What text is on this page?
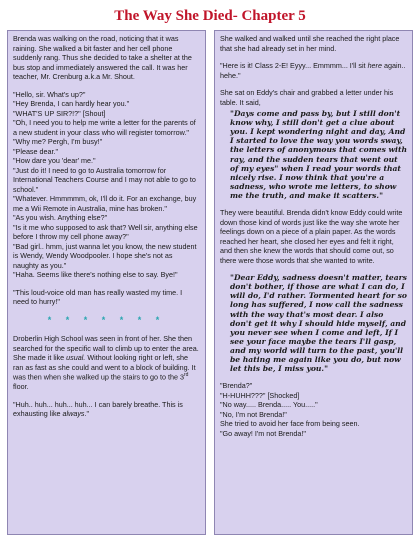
The Way She Died- Chapter 5

Brenda was walking on the road, noticing that it was raining. She walked a bit faster and her cell phone suddenly rang. Thus she decided to take a shelter at the bus stop and immediately answered the call. It was her teacher, Mr. Crenburg a.k.a Mr. Shout.

"Hello, sir. What's up?"

"Hey Brenda, I can hardly hear you."

"WHAT'S UP SIR?!?" [Shout]

"Oh, I need you to help me write a letter for the parents of a new student in your class who will register tomorrow."

"Why me? Pergh, I'm busy!"

"Please dear."

"How dare you 'dear' me."

"Just do it! I need to go to Australia tomorrow for International Teachers Course and I may not able to go to school."

"Whatever. Hmmmmm, ok, I'll do it. For an exchange, buy me a Wii Remote in Australia, mine has broken."

"As you wish. Anything else?"

"Is it me who supposed to ask that? Well sir, anything else before I throw my cell phone away?"

"Bad girl.. hmm, just wanna let you know, the new student is Wendy, Wendy Woodpooler. I hope she's not as naughty as you."

"Haha. Seems like there's nothing else to say. Bye!"

"This loud-voice old man has really wasted my time. I need to hurry!"

* * * * * * *

Droberlin High School was seen in front of her. She then searched for the specific wall to climb up to enter the area. She made it like usual. Without looking right or left, she ran as fast as she could and went to a block of building. It was then when she walked up the stairs to go to the 3rd floor.

"Huh.. huh... huh... huh... I can barely breathe. This is exhausting like always."

She walked and walked until she reached the right place that she had already set in her mind.

"Here is it! Class 2-E! Eyyy... Emmmm... I'll sit here again.. hehe."

She sat on Eddy's chair and grabbed a letter under his table. It said,

"Days come and pass by, but I still don't know why, I still don't get a clue about you. I kept wondering night and day, And I started to love the way you words sway, the letters of anonymous that comes with ray, and the sudden tears that went out of my eyes" when I read your words that nicely rise. I now think that you're a sadness, who wrote me letters, to show me the truth, and make it scatters."

They were beautiful. Brenda didn't know Eddy could write down those kind of words just like the way she wrote her feelings down on a piece of a plain paper. As the words reached her heart, she closed her eyes and felt it right, and then she knew the words that should come out, so there were those words that she wanted to write.

"Dear Eddy, sadness doesn't matter, tears don't bother, if those are what I can do, I will do, I'd rather. Tormented heart for so long has suffered, I now call the sadness with the way that's most dear. I also don't get it why I should hide myself, and you never see when I come and left, If I see your face maybe the tears I'll gasp, and my world will turn to the past, you'll be hating me again like you do, but now let this be, I miss you."

"Brenda?"

"H-HUHH???" [Shocked]

"No way..... Brenda..... You....."

"No, I'm not Brenda!"

She tried to avoid her face from being seen.

"Go away! I'm not Brenda!"
